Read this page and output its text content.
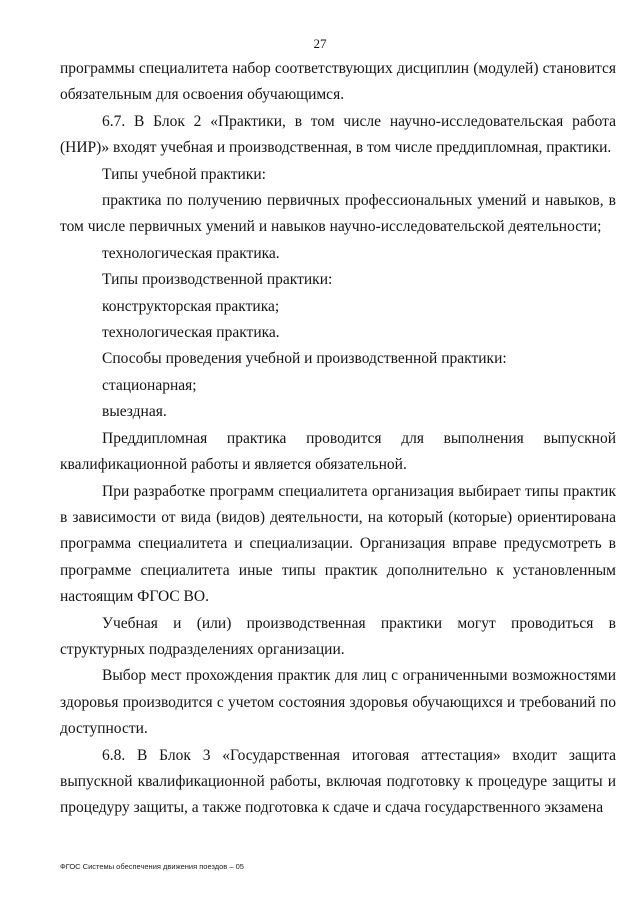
27

программы специалитета набор соответствующих дисциплин (модулей) становится обязательным для освоения обучающимся.

6.7. В Блок 2 «Практики, в том числе научно-исследовательская работа (НИР)» входят учебная и производственная, в том числе преддипломная, практики.

Типы учебной практики:

практика по получению первичных профессиональных умений и навыков, в том числе первичных умений и навыков научно-исследовательской деятельности;

технологическая практика.

Типы производственной практики:

конструкторская практика;

технологическая практика.

Способы проведения учебной и производственной практики:

стационарная;

выездная.

Преддипломная практика проводится для выполнения выпускной квалификационной работы и является обязательной.

При разработке программ специалитета организация выбирает типы практик в зависимости от вида (видов) деятельности, на который (которые) ориентирована программа специалитета и специализации. Организация вправе предусмотреть в программе специалитета иные типы практик дополнительно к установленным настоящим ФГОС ВО.

Учебная и (или) производственная практики могут проводиться в структурных подразделениях организации.

Выбор мест прохождения практик для лиц с ограниченными возможностями здоровья производится с учетом состояния здоровья обучающихся и требований по доступности.

6.8. В Блок 3 «Государственная итоговая аттестация» входит защита выпускной квалификационной работы, включая подготовку к процедуре защиты и процедуру защиты, а также подготовка к сдаче и сдача государственного экзамена

ФГОС Системы обеспечения движения поездов – 05
